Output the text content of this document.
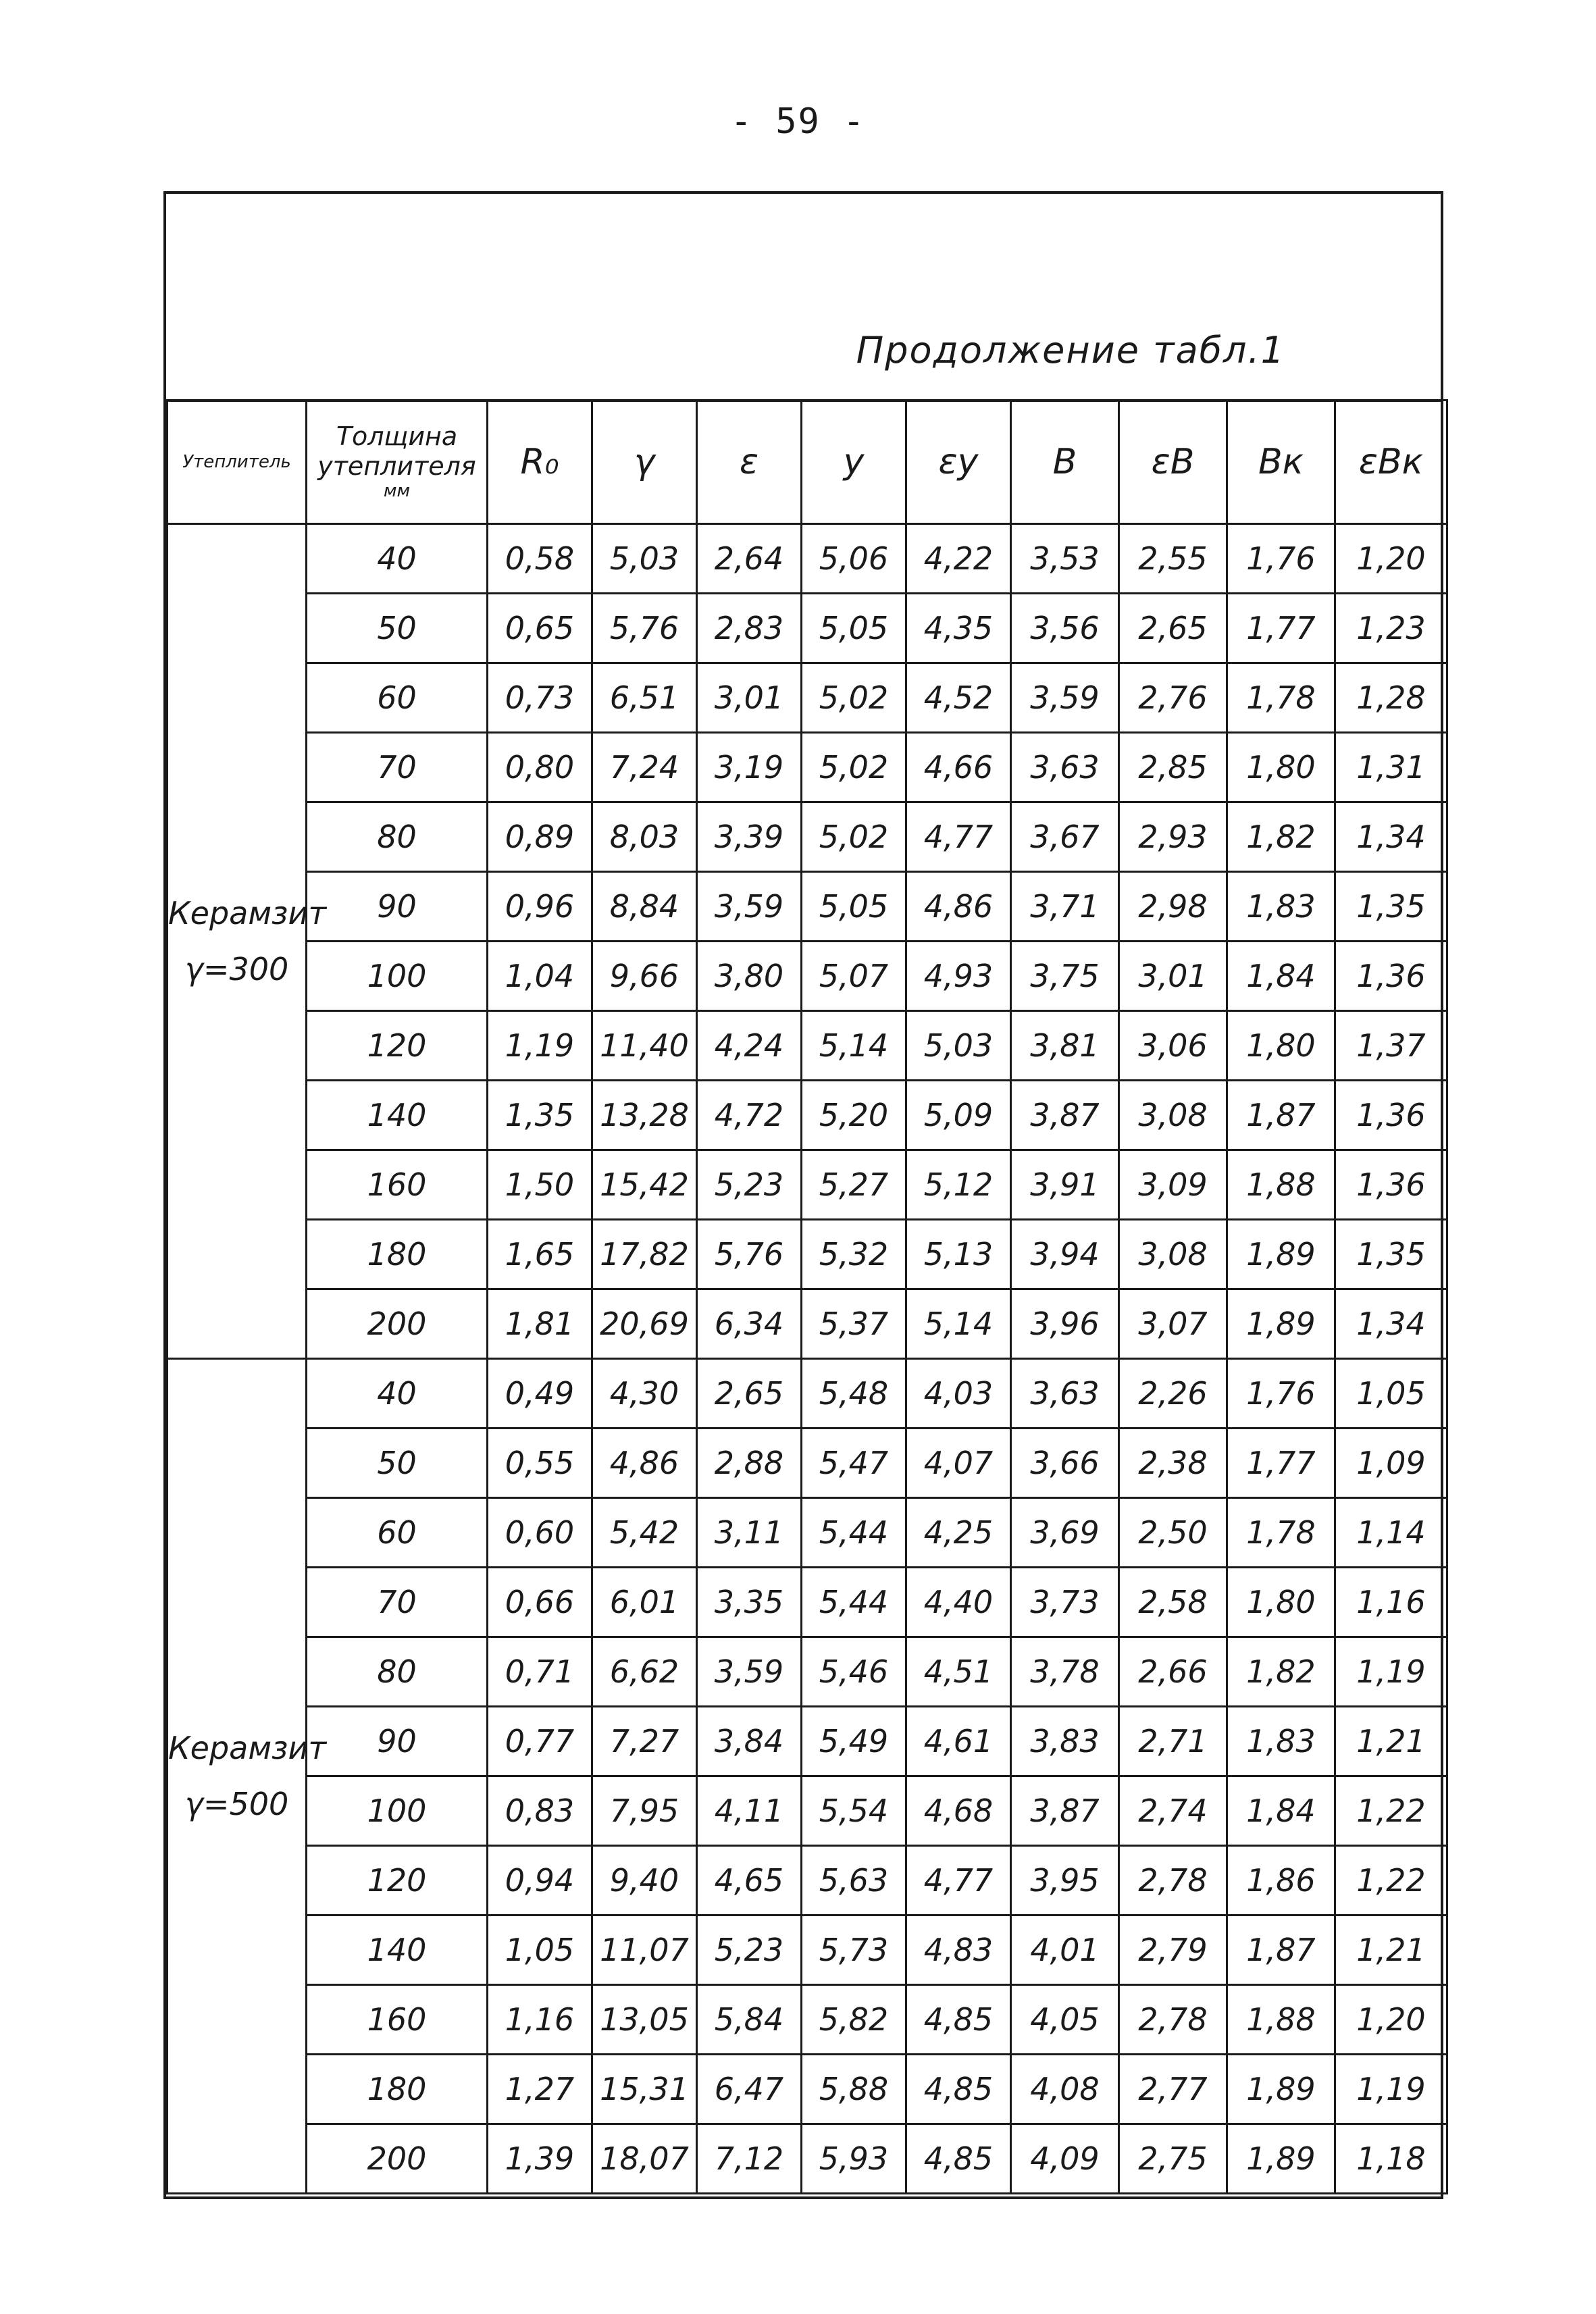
- 59 -
Продолжение табл.1
Утеплитель	Толщина
утеплителя
мм	R₀	γ	ε	y	εy	B	εB	Bк	εBк

Керамзит
γ=300	40	0,58	5,03	2,64	5,06	4,22	3,53	2,55	1,76	1,20
	50	0,65	5,76	2,83	5,05	4,35	3,56	2,65	1,77	1,23
	60	0,73	6,51	3,01	5,02	4,52	3,59	2,76	1,78	1,28
	70	0,80	7,24	3,19	5,02	4,66	3,63	2,85	1,80	1,31
	80	0,89	8,03	3,39	5,02	4,77	3,67	2,93	1,82	1,34
	90	0,96	8,84	3,59	5,05	4,86	3,71	2,98	1,83	1,35
	100	1,04	9,66	3,80	5,07	4,93	3,75	3,01	1,84	1,36
	120	1,19	11,40	4,24	5,14	5,03	3,81	3,06	1,80	1,37
	140	1,35	13,28	4,72	5,20	5,09	3,87	3,08	1,87	1,36
	160	1,50	15,42	5,23	5,27	5,12	3,91	3,09	1,88	1,36
	180	1,65	17,82	5,76	5,32	5,13	3,94	3,08	1,89	1,35
	200	1,81	20,69	6,34	5,37	5,14	3,96	3,07	1,89	1,34

Керамзит
γ=500	40	0,49	4,30	2,65	5,48	4,03	3,63	2,26	1,76	1,05
	50	0,55	4,86	2,88	5,47	4,07	3,66	2,38	1,77	1,09
	60	0,60	5,42	3,11	5,44	4,25	3,69	2,50	1,78	1,14
	70	0,66	6,01	3,35	5,44	4,40	3,73	2,58	1,80	1,16
	80	0,71	6,62	3,59	5,46	4,51	3,78	2,66	1,82	1,19
	90	0,77	7,27	3,84	5,49	4,61	3,83	2,71	1,83	1,21
	100	0,83	7,95	4,11	5,54	4,68	3,87	2,74	1,84	1,22
	120	0,94	9,40	4,65	5,63	4,77	3,95	2,78	1,86	1,22
	140	1,05	11,07	5,23	5,73	4,83	4,01	2,79	1,87	1,21
	160	1,16	13,05	5,84	5,82	4,85	4,05	2,78	1,88	1,20
	180	1,27	15,31	6,47	5,88	4,85	4,08	2,77	1,89	1,19
	200	1,39	18,07	7,12	5,93	4,85	4,09	2,75	1,89	1,18
